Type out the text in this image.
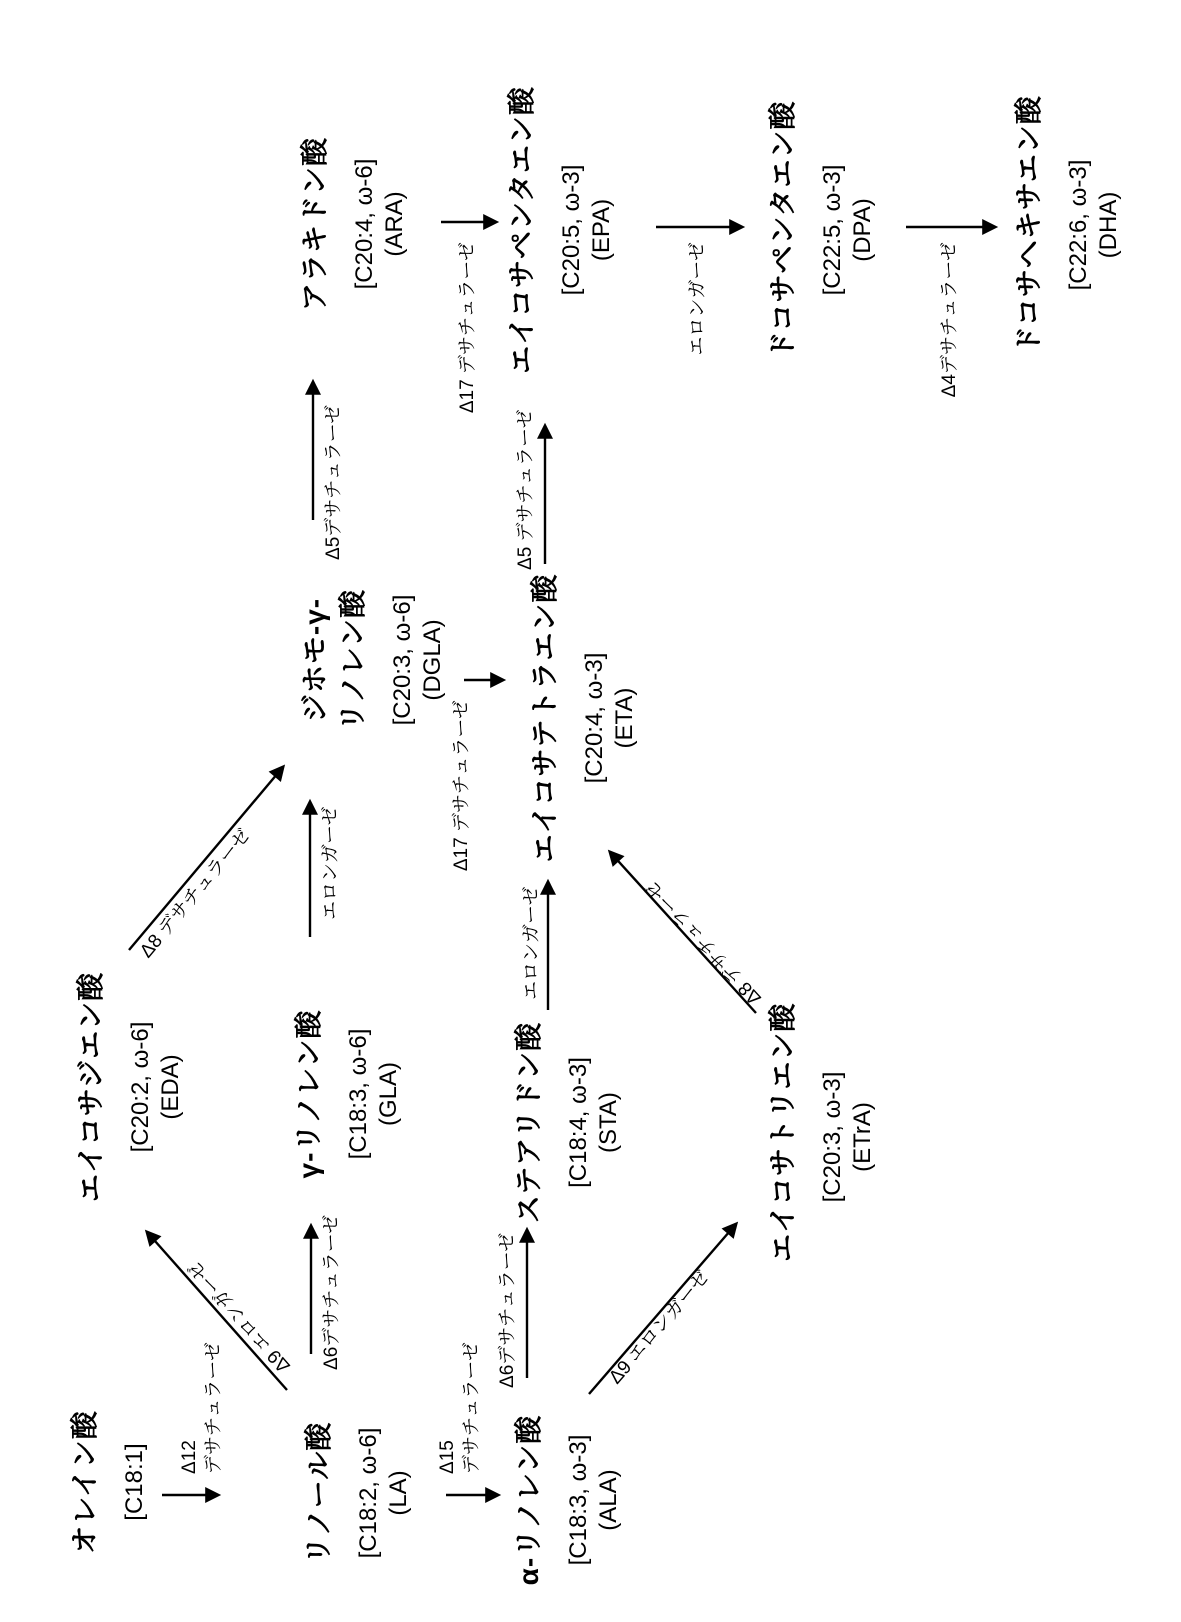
オレイン酸 [C18:1]	リノール酸 [C18:2, ω-6] (LA)	α-リノレン酸 [C18:3, ω-3] (ALA)
エイコサジエン酸 [C20:2, ω-6] (EDA)	γ-リノレン酸 [C18:3, ω-6] (GLA)	ステアリドン酸 [C18:4, ω-3] (STA)	エイコサトリエン酸 [C20:3, ω-3] (ETrA)
ジホモ-γ- リノレン酸 [C20:3, ω-6] (DGLA)	エイコサテトラエン酸 [C20:4, ω-3] (ETA)
アラキドン酸 [C20:4, ω-6] (ARA)	エイコサペンタエン酸 [C20:5, ω-3] (EPA)	ドコサペンタエン酸 [C22:5, ω-3] (DPA)	ドコサヘキサエン酸 [C22:6, ω-3] (DHA)
Δ12 デサチュラーゼ	Δ15 デサチュラーゼ
Δ6デサチュラーゼ	Δ6デサチュラーゼ
エロンガーゼ
エロンガーゼ
Δ5デサチュラーゼ	Δ5 デサチュラーゼ
Δ17 デサチュラーゼ
Δ17 デサチュラーゼ	エロンガーゼ	Δ4デサチュラーゼ
Δ9 エロンガーゼ
Δ8 デサチュラーゼ
Δ9 エロンガーゼ
Δ8 デサチュラーゼ
